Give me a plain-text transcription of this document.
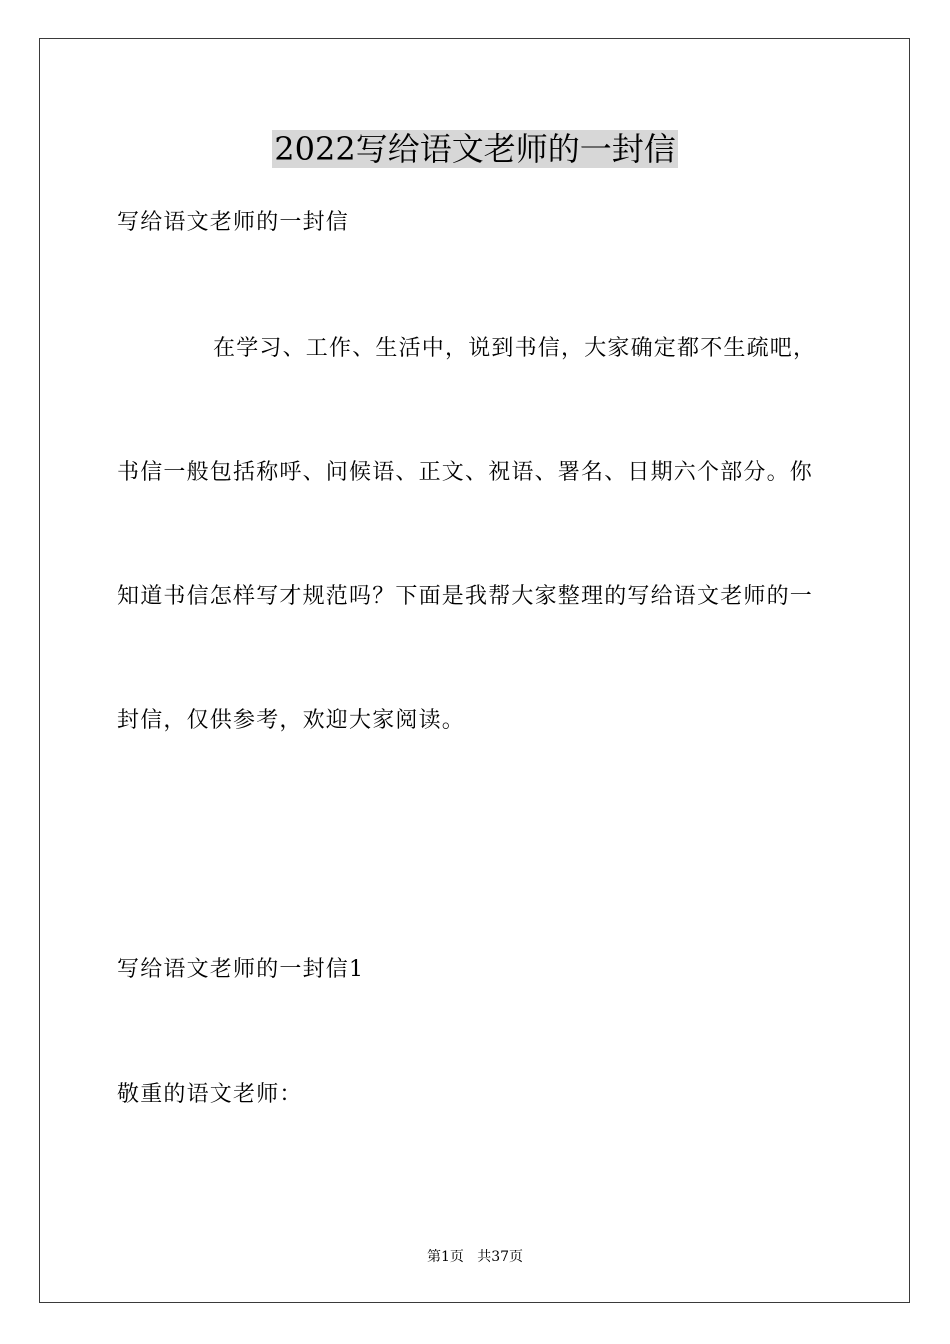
2022写给语文老师的一封信

写给语文老师的一封信

在学习、工作、生活中，说到书信，大家确定都不生疏吧，

书信一般包括称呼、问候语、正文、祝语、署名、日期六个部分。你

知道书信怎样写才规范吗？下面是我帮大家整理的写给语文老师的一

封信，仅供参考，欢迎大家阅读。

写给语文老师的一封信1

敬重的语文老师：

第1页   共37页
